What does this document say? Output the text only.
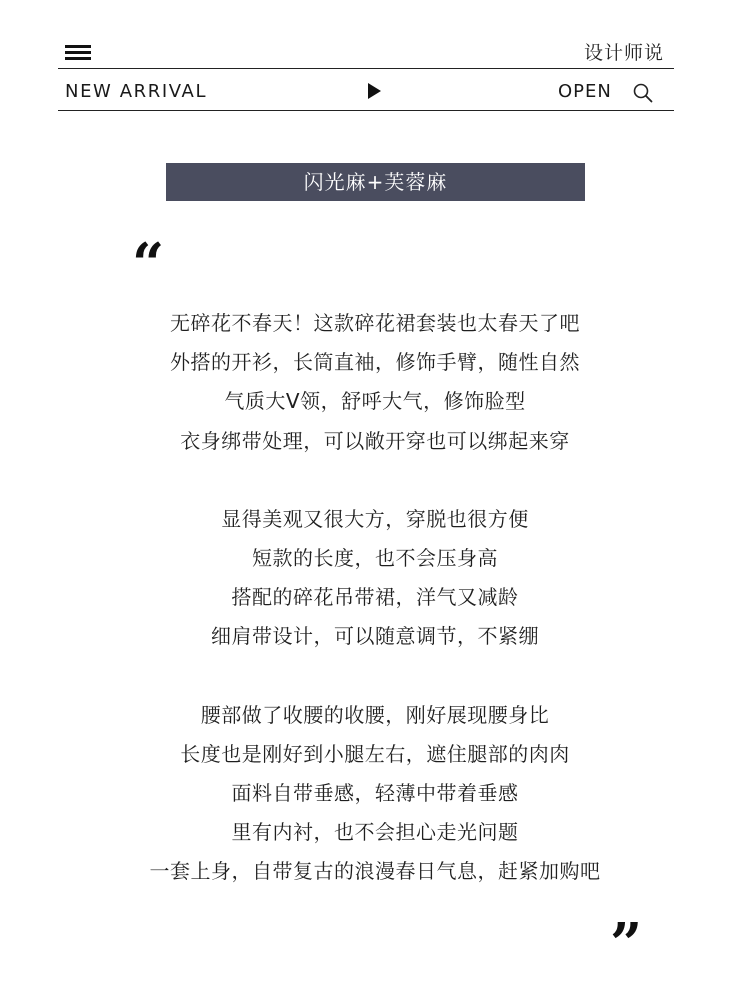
设计师说
NEW ARRIVAL	OPEN
闪光麻+芙蓉麻
“
无碎花不春天！这款碎花裙套装也太春天了吧
外搭的开衫，长筒直袖，修饰手臂，随性自然
气质大V领，舒呼大气，修饰脸型
衣身绑带处理，可以敞开穿也可以绑起来穿
显得美观又很大方，穿脱也很方便
短款的长度，也不会压身高
搭配的碎花吊带裙，洋气又减龄
细肩带设计，可以随意调节，不紧绷
腰部做了收腰的收腰，刚好展现腰身比
长度也是刚好到小腿左右，遮住腿部的肉肉
面料自带垂感，轻薄中带着垂感
里有内衬，也不会担心走光问题
一套上身，自带复古的浪漫春日气息，赶紧加购吧
”
